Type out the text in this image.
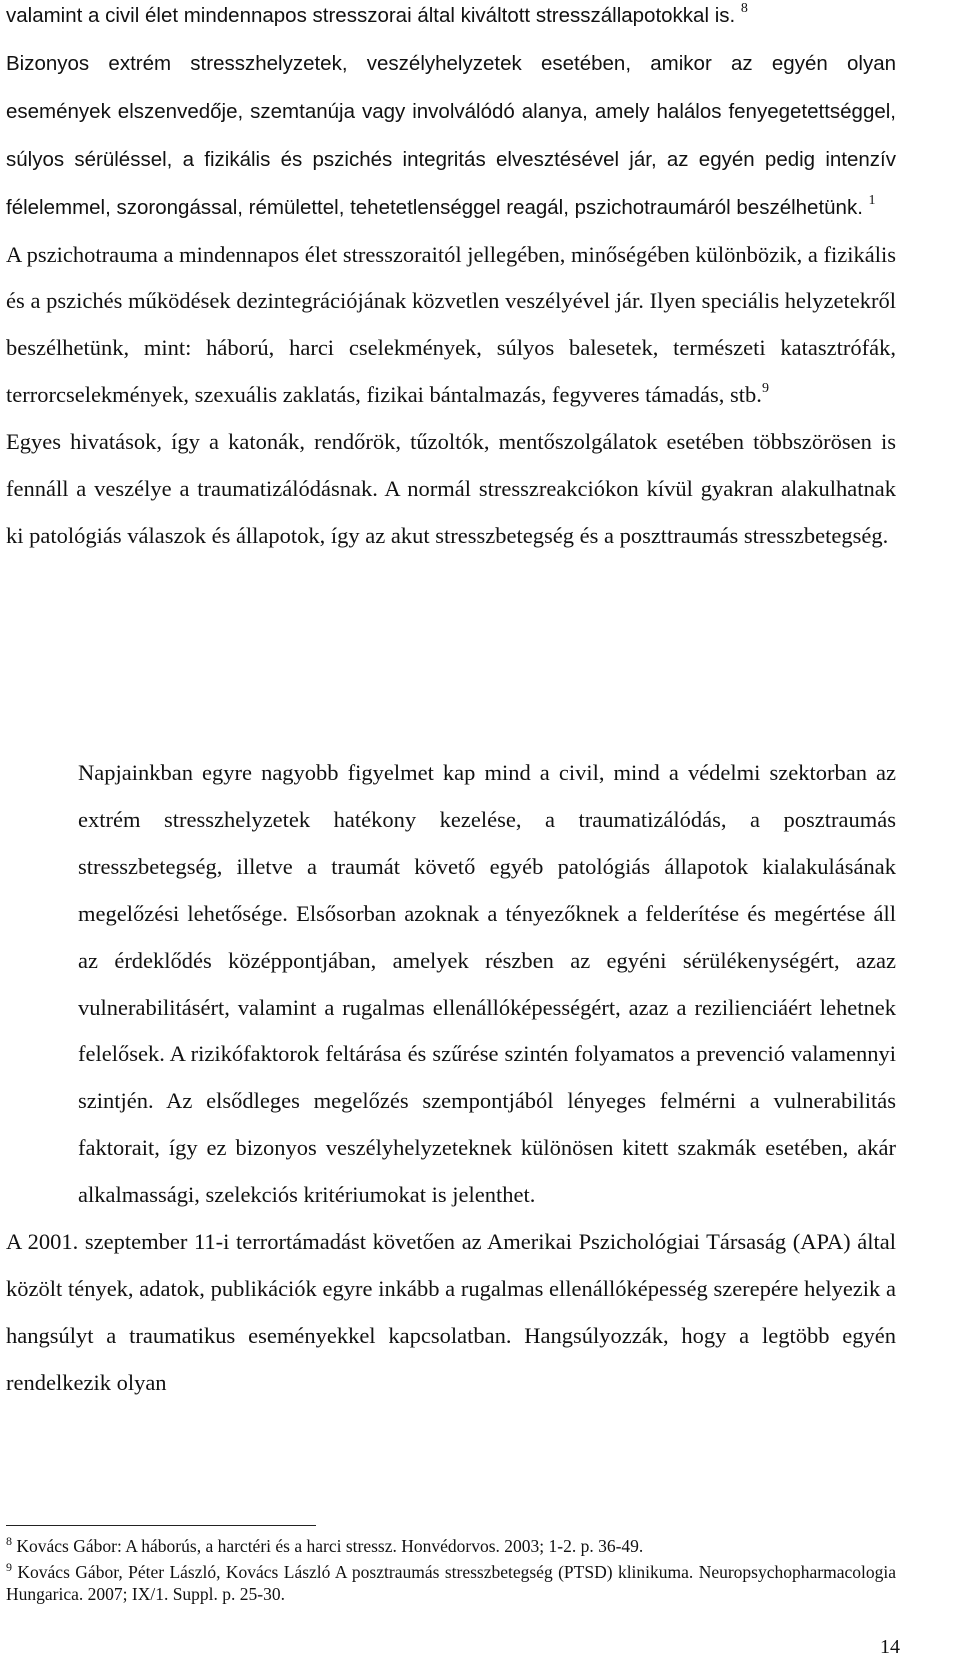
valamint a civil élet mindennapos stresszorai által kiváltott stresszállapotokkal is. $^8$
Bizonyos extrém stresszhelyzetek, veszélyhelyzetek esetében, amikor az egyén olyan események elszenvedője, szemtanúja vagy involválódó alanya, amely halálos fenyegetettséggel, súlyos sérüléssel, a fizikális és pszichés integritás elvesztésével jár, az egyén pedig intenzív félelemmel, szorongással, rémülettel, tehetetlenséggel reagál, pszichotraumáról beszélhetünk. $^1$
A pszichotrauma a mindennapos élet stresszoraitól jellegében, minőségében különbözik, a fizikális és a pszichés működések dezintegrációjának közvetlen veszélyével jár. Ilyen speciális helyzetekről beszélhetünk, mint: háború, harci cselekmények, súlyos balesetek, természeti katasztrófák, terrorcselekmények, szexuális zaklatás, fizikai bántalmazás, fegyveres támadás, stb.$^9$
Egyes hivatások, így a katonák, rendőrök, tűzoltók, mentőszolgálatok esetében többszörösen is fennáll a veszélye a traumatizálódásnak. A normál stresszreakciókon kívül gyakran alakulhatnak ki patológiás válaszok és állapotok, így az akut stresszbetegség és a poszttraumás stresszbetegség.
Napjainkban egyre nagyobb figyelmet kap mind a civil, mind a védelmi szektorban az extrém stresszhelyzetek hatékony kezelése, a traumatizálódás, a posztraumás stresszbetegség, illetve a traumát követő egyéb patológiás állapotok kialakulásának megelőzési lehetősége. Elsősorban azoknak a tényezőknek a felderítése és megértése áll az érdeklődés középpontjában, amelyek részben az egyéni sérülékenységért, azaz vulnerabilitásért, valamint a rugalmas ellenállóképességért, azaz a rezilienciáért lehetnek felelősek. A rizikófaktorok feltárása és szűrése szintén folyamatos a prevenció valamennyi szintjén. Az elsődleges megelőzés szempontjából lényeges felmérni a vulnerabilitás faktorait, így ez bizonyos veszélyhelyzeteknek különösen kitett szakmák esetében, akár alkalmassági, szelekciós kritériumokat is jelenthet.
A 2001. szeptember 11-i terrortámadást követően az Amerikai Pszichológiai Társaság (APA) által közölt tények, adatok, publikációk egyre inkább a rugalmas ellenállóképesség szerepére helyezik a hangsúlyt a traumatikus eseményekkel kapcsolatban. Hangsúlyozzák, hogy a legtöbb egyén rendelkezik olyan
$^8$ Kovács Gábor: A háborús, a harctéri és a harci stressz. Honvédorvos. 2003; 1-2. p. 36-49.
$^9$ Kovács Gábor, Péter László, Kovács László A posztraumás stresszbetegség (PTSD) klinikuma. Neuropsychopharmacologia Hungarica. 2007; IX/1. Suppl. p. 25-30.
14
